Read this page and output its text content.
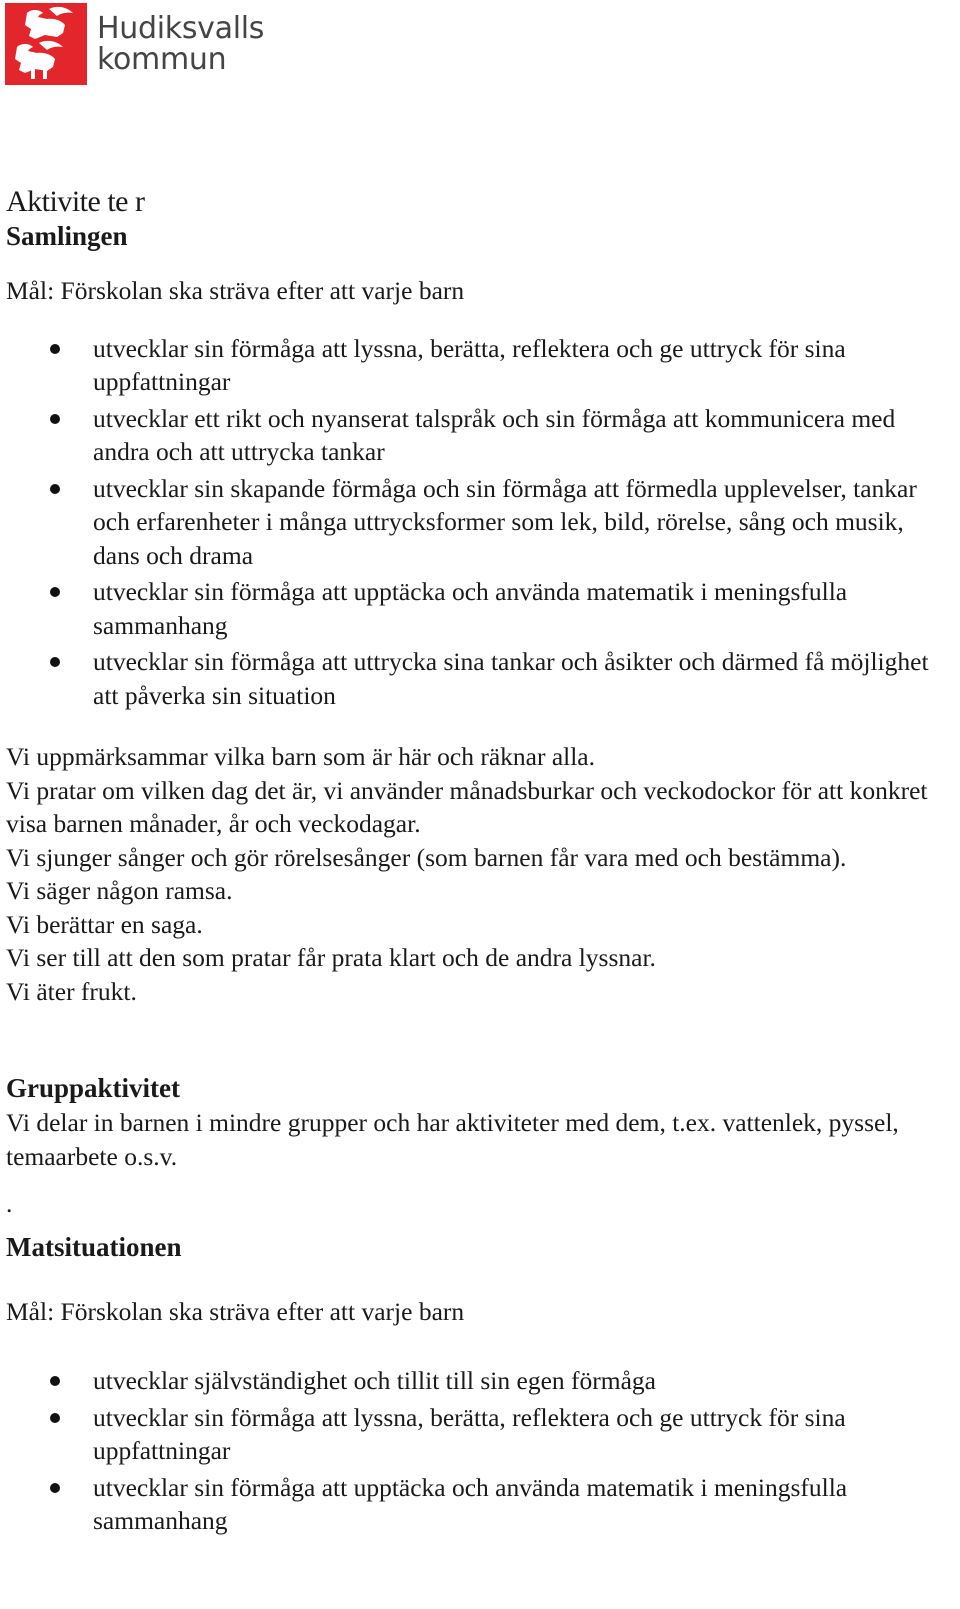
Hudiksvalls
kommun
Aktivite te r
Samlingen

Mål: Förskolan ska sträva efter att varje barn

utvecklar sin förmåga att lyssna, berätta, reflektera och ge uttryck för sina uppfattningar
utvecklar ett rikt och nyanserat talspråk och sin förmåga att kommunicera med andra och att uttrycka tankar
utvecklar sin skapande förmåga och sin förmåga att förmedla upplevelser, tankar och erfarenheter i många uttrycksformer som lek, bild, rörelse, sång och musik, dans och drama
utvecklar sin förmåga att upptäcka och använda matematik i meningsfulla sammanhang
utvecklar sin förmåga att uttrycka sina tankar och åsikter och därmed få möjlighet att påverka sin situation

Vi uppmärksammar vilka barn som är här och räknar alla.

Vi pratar om vilken dag det är, vi använder månadsburkar och veckodockor för att konkret visa barnen månader, år och veckodagar.

Vi sjunger sånger och gör rörelsesånger (som barnen får vara med och bestämma).

Vi säger någon ramsa.

Vi berättar en saga.

Vi ser till att den som pratar får prata klart och de andra lyssnar.

Vi äter frukt.

Gruppaktivitet

Vi delar in barnen i mindre grupper och har aktiviteter med dem, t.ex. vattenlek, pyssel, temaarbete o.s.v.

.

Matsituationen

Mål: Förskolan ska sträva efter att varje barn

utvecklar självständighet och tillit till sin egen förmåga
utvecklar sin förmåga att lyssna, berätta, reflektera och ge uttryck för sina uppfattningar
utvecklar sin förmåga att upptäcka och använda matematik i meningsfulla sammanhang
